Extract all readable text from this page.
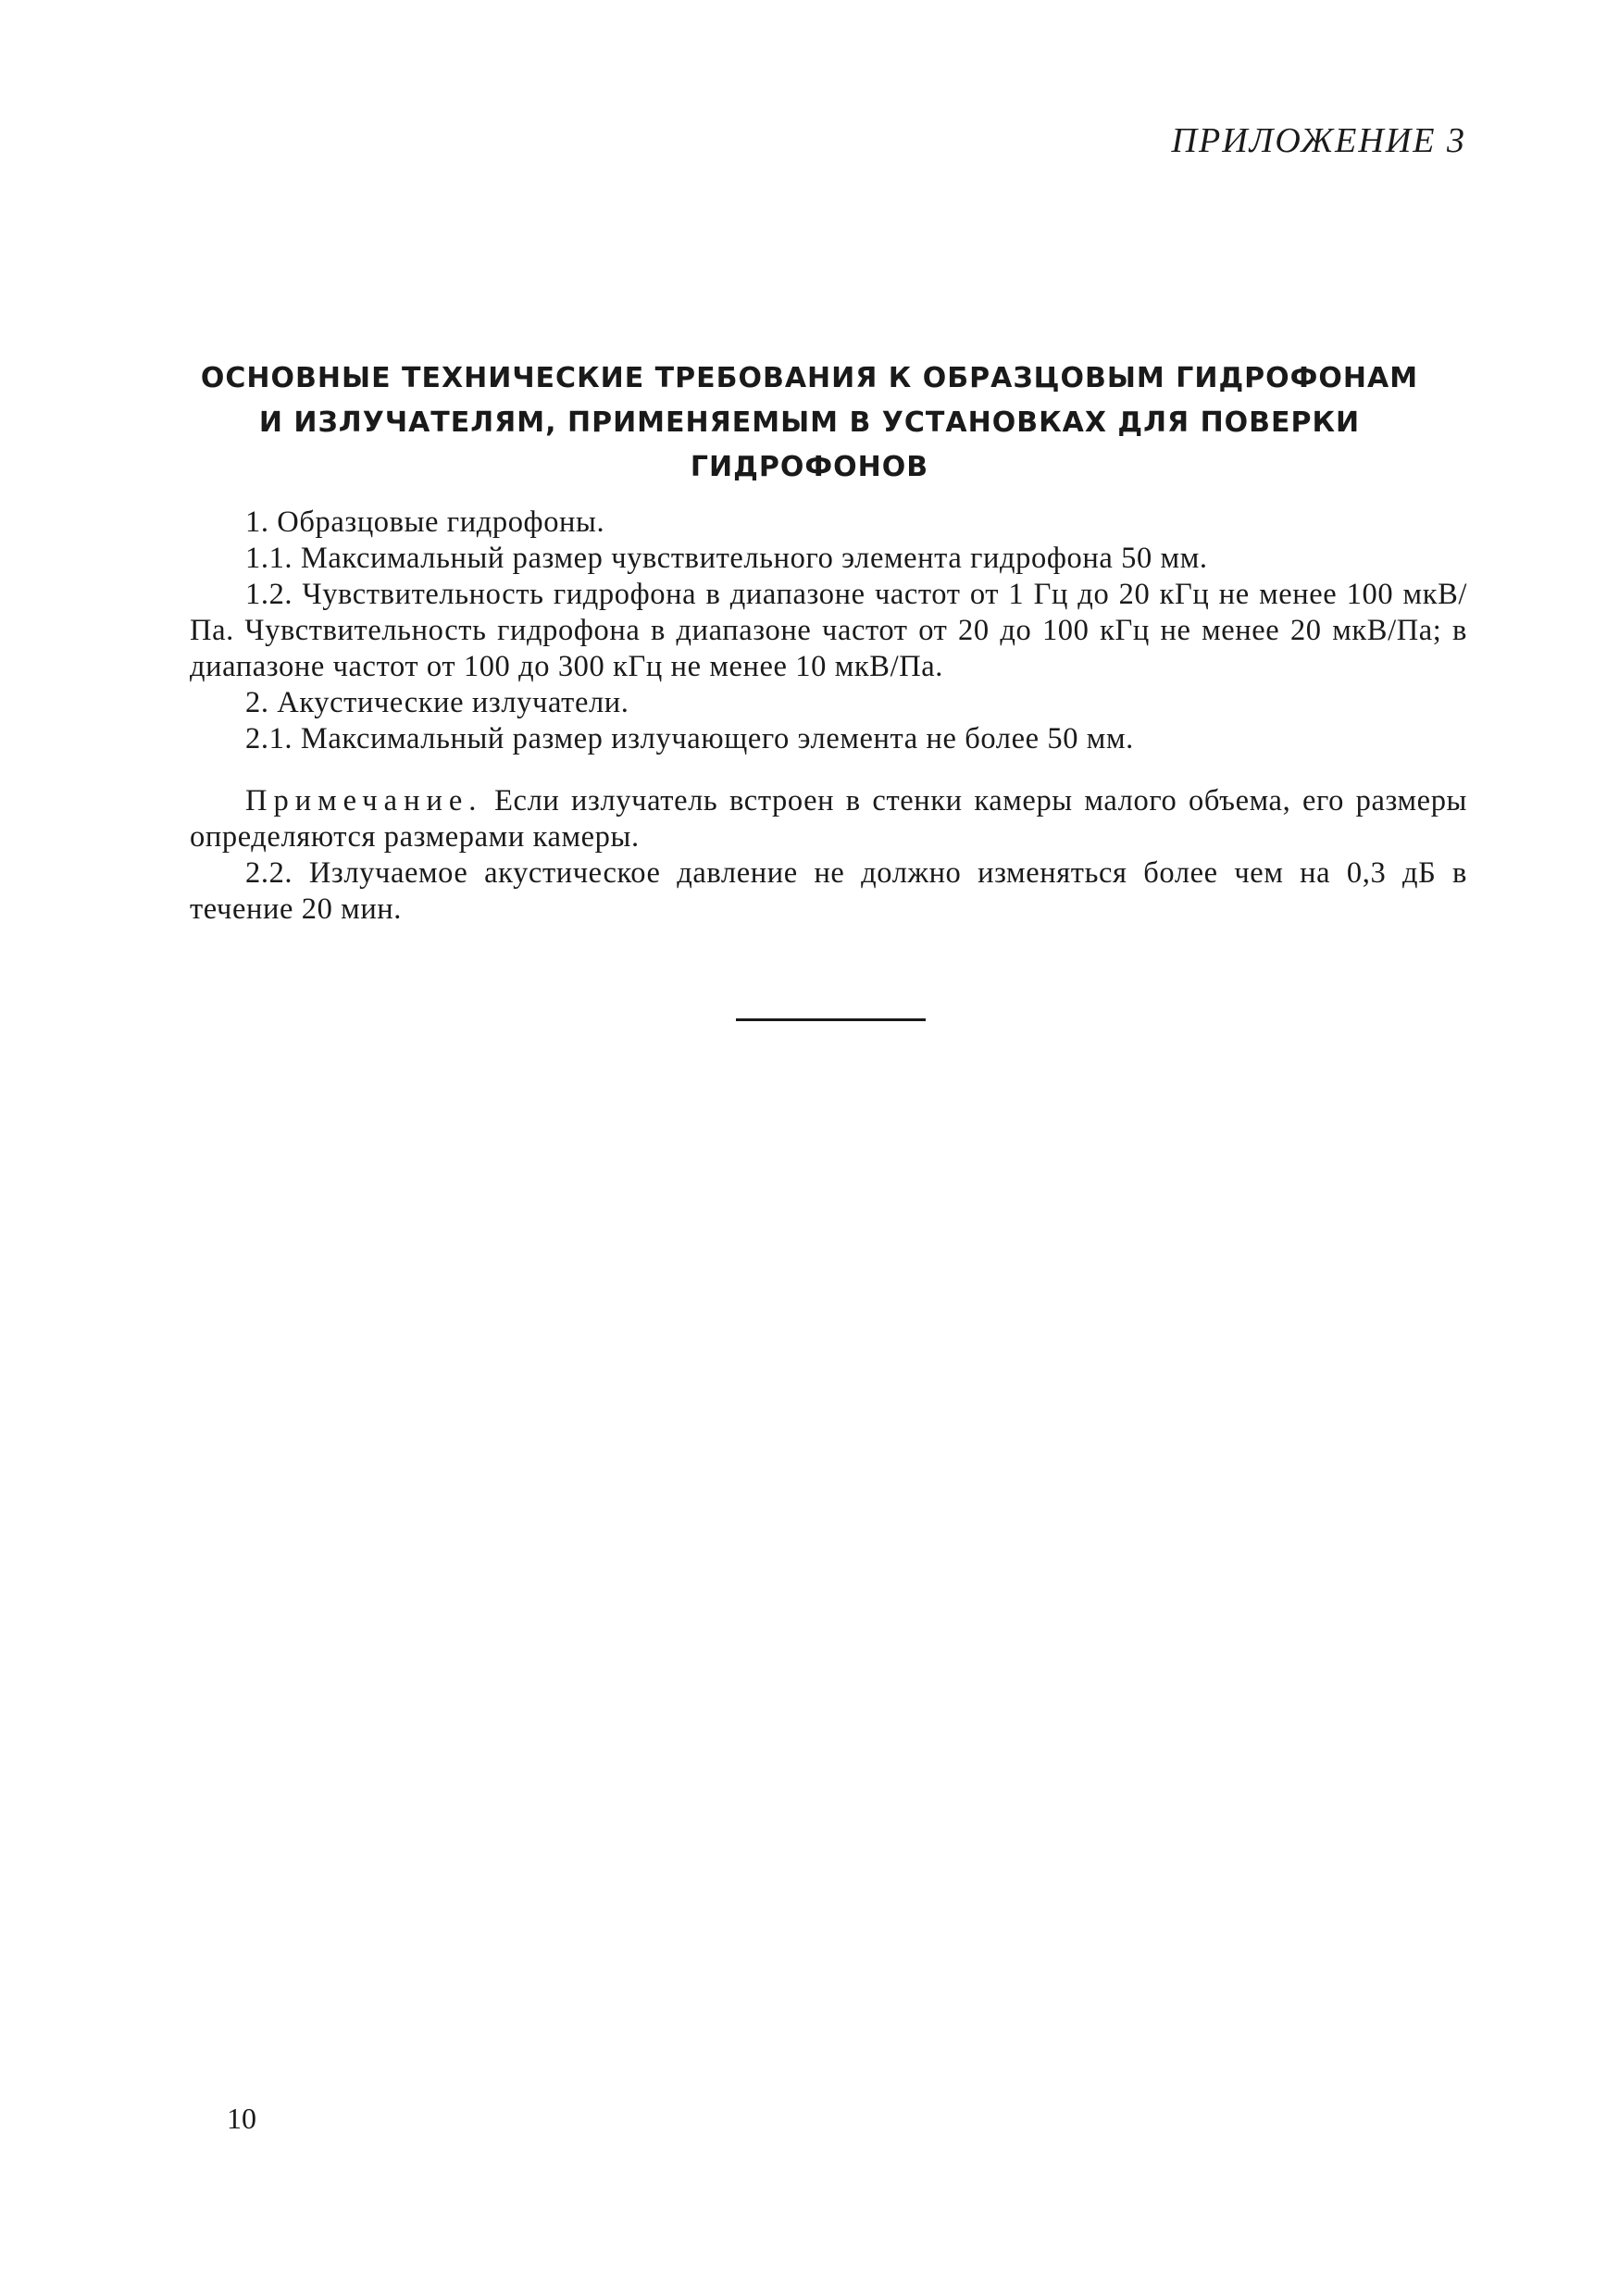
ПРИЛОЖЕНИЕ 3
ОСНОВНЫЕ ТЕХНИЧЕСКИЕ ТРЕБОВАНИЯ К ОБРАЗЦОВЫМ ГИДРОФОНАМ
И ИЗЛУЧАТЕЛЯМ, ПРИМЕНЯЕМЫМ В УСТАНОВКАХ ДЛЯ ПОВЕРКИ
ГИДРОФОНОВ

1. Образцовые гидрофоны.

1.1. Максимальный размер чувствительного элемента гидрофона 50 мм.

1.2. Чувствительность гидрофона в диапазоне частот от 1 Гц до 20 кГц не менее 100 мкВ/Па. Чувствительность гидрофона в диапазоне частот от 20 до 100 кГц не менее 20 мкВ/Па; в диапазоне частот от 100 до 300 кГц не менее 10 мкВ/Па.

2. Акустические излучатели.

2.1. Максимальный размер излучающего элемента не более 50 мм.

Примечание. Если излучатель встроен в стенки камеры малого объема, его размеры определяются размерами камеры.

2.2. Излучаемое акустическое давление не должно изменяться более чем на 0,3 дБ в течение 20 мин.

10
